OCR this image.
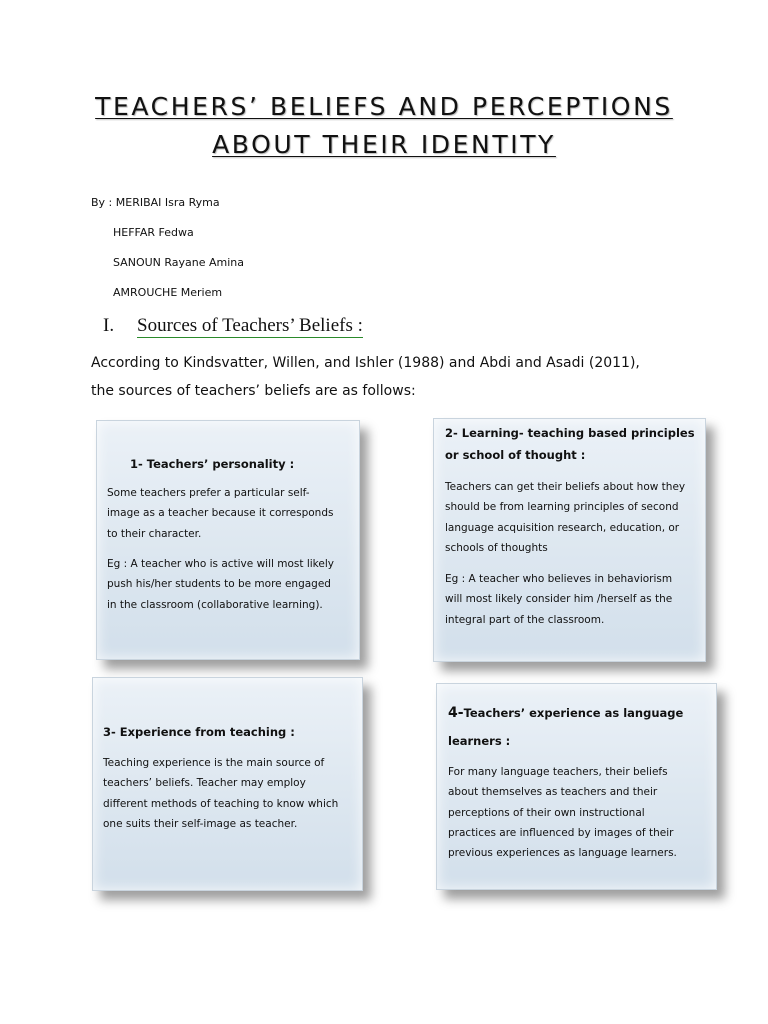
TEACHERS’ BELIEFS AND PERCEPTIONS
ABOUT THEIR IDENTITY
By : MERIBAI Isra Ryma
HEFFAR Fedwa
SANOUN Rayane Amina
AMROUCHE Meriem
I. Sources of Teachers’ Beliefs :
According to Kindsvatter, Willen, and Ishler (1988) and Abdi and Asadi (2011),
the sources of teachers’ beliefs are as follows:
1- Teachers’ personality :
Some teachers prefer a particular self-
image as a teacher because it corresponds
to their character.
Eg : A teacher who is active will most likely
push his/her students to be more engaged
in the classroom (collaborative learning).
2- Learning- teaching based principles
or school of thought :
Teachers can get their beliefs about how they
should be from learning principles of second
language acquisition research, education, or
schools of thoughts
Eg : A teacher who believes in behaviorism
will most likely consider him /herself as the
integral part of the classroom.
3- Experience from teaching :
Teaching experience is the main source of
teachers’ beliefs. Teacher may employ
different methods of teaching to know which
one suits their self-image as teacher.
4-Teachers’ experience as language
learners :
For many language teachers, their beliefs
about themselves as teachers and their
perceptions of their own instructional
practices are influenced by images of their
previous experiences as language learners.
